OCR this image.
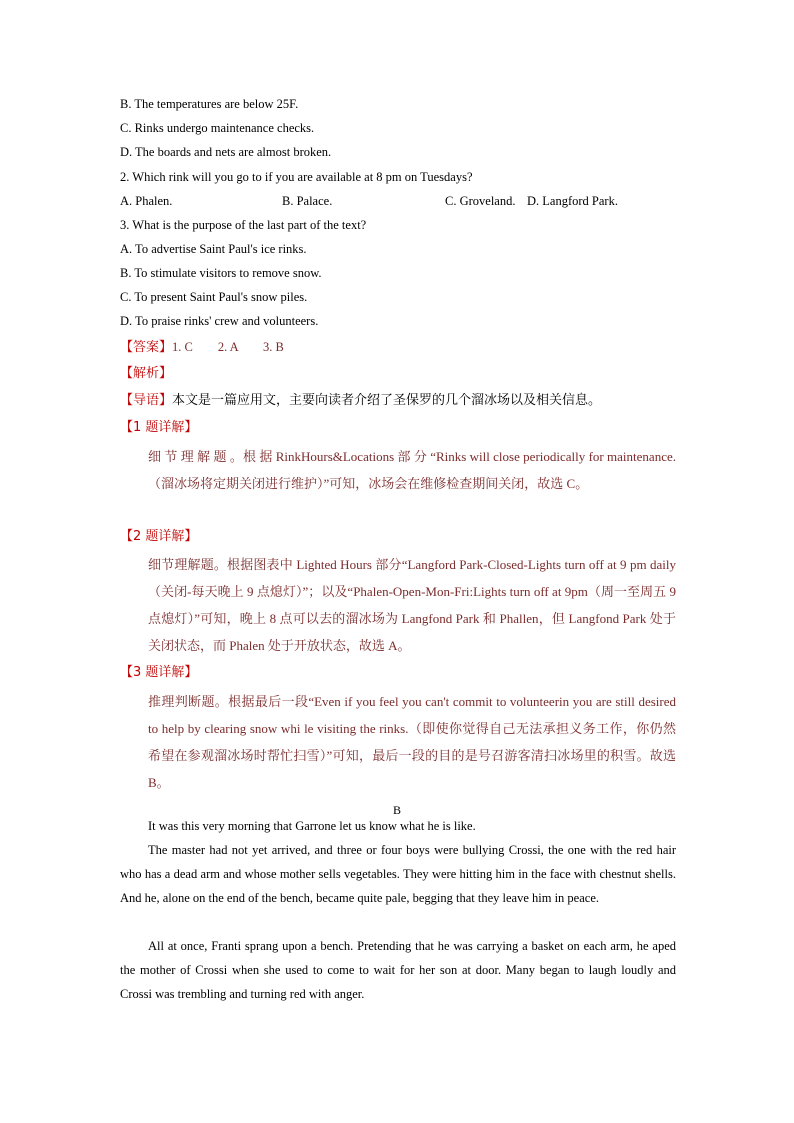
B. The temperatures are below 25F.
C. Rinks undergo maintenance checks.
D. The boards and nets are almost broken.
2. Which rink will you go to if you are available at 8 pm on Tuesdays?
A. Phalen.	B. Palace.	C. Groveland. D. Langford Park.
3. What is the purpose of the last part of the text?
A. To advertise Saint Paul's ice rinks.
B. To stimulate visitors to remove snow.
C. To present Saint Paul's snow piles.
D. To praise rinks' crew and volunteers.
【答案】1. C        2. A        3. B
【解析】
【导语】本文是一篇应用文，主要向读者介绍了圣保罗的几个溜冰场以及相关信息。
【1 题详解】
细 节 理 解 题 。根 据 RinkHours&Locations 部 分 “Rinks will close periodically for maintenance.（溜冰场将定期关闭进行维护）”可知，冰场会在维修检查期间关闭，故选 C。
【2 题详解】
细节理解题。根据图表中 Lighted Hours 部分“Langford Park-Closed-Lights turn off at 9 pm daily（关闭-每天晚上 9 点熄灯）”；以及“Phalen-Open-Mon-Fri:Lights turn off at 9pm（周一至周五 9 点熄灯）”可知，晚上 8 点可以去的溜冰场为 Langfond Park 和 Phallen，但 Langfond Park 处于关闭状态，而 Phalen 处于开放状态，故选 A。
【3 题详解】
推理判断题。根据最后一段“Even if you feel you can't commit to volunteerin you are still desired to help by clearing snow whi le visiting the rinks.（即使你觉得自己无法承担义务工作，你仍然希望在参观溜冰场时帮忙扫雪）”可知，最后一段的目的是号召游客清扫冰场里的积雪。故选 B。
B
It was this very morning that Garrone let us know what he is like.
The master had not yet arrived, and three or four boys were bullying Crossi, the one with the red hair who has a dead arm and whose mother sells vegetables. They were hitting him in the face with chestnut shells. And he, alone on the end of the bench, became quite pale, begging that they leave him in peace.
All at once, Franti sprang upon a bench. Pretending that he was carrying a basket on each arm, he aped the mother of Crossi when she used to come to wait for her son at door. Many began to laugh loudly and Crossi was trembling and turning red with anger.
